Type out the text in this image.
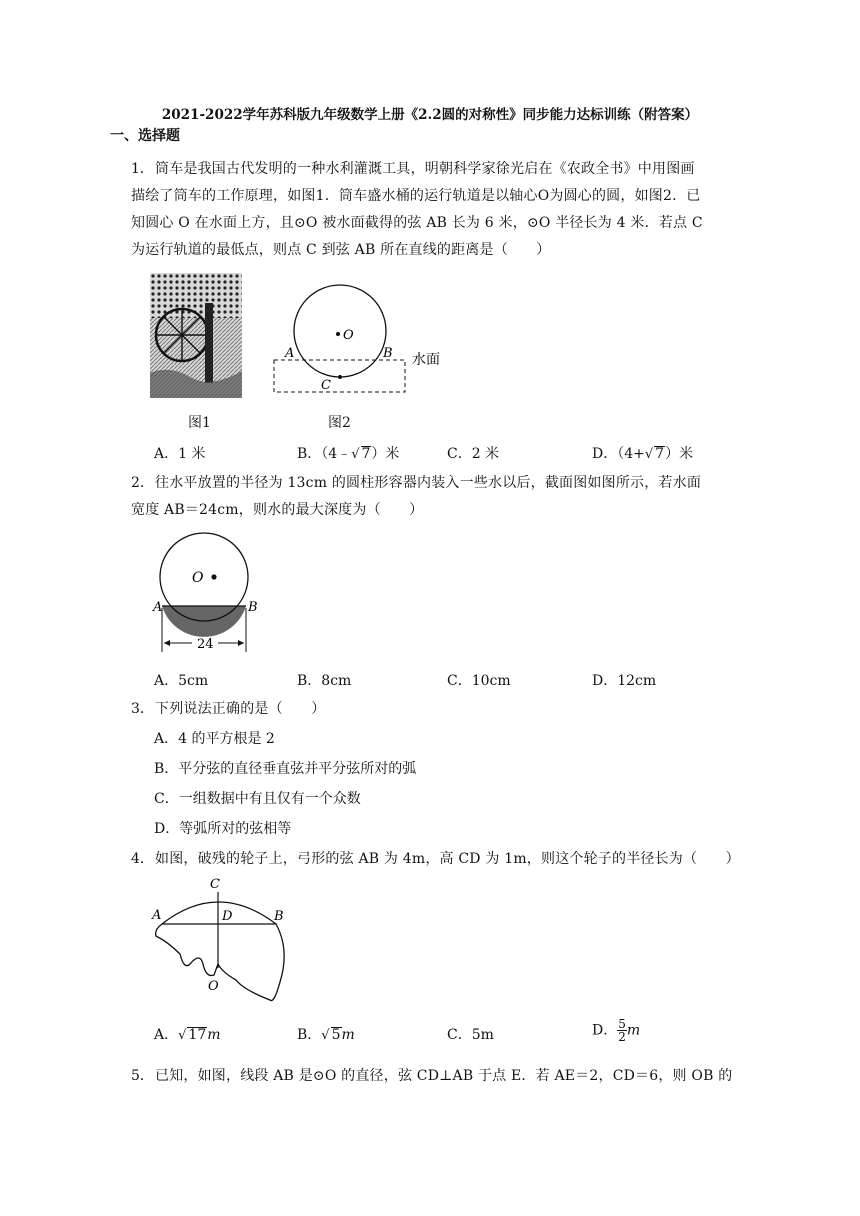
2021-2022学年苏科版九年级数学上册《2.2圆的对称性》同步能力达标训练（附答案）
一、选择题
1． 筒车是我国古代发明的一种水利灌溉工具，明朝科学家徐光启在《农政全书》中用图画
描绘了筒车的工作原理，如图1．筒车盛水桶的运行轨道是以轴心O为圆心的圆，如图2．已
知圆心 O 在水面上方，且⊙O 被水面截得的弦 AB 长为 6 米，⊙O 半径长为 4 米．若点 C
为运行轨道的最低点，则点 C 到弦 AB 所在直线的距离是（　　）
图1
O
A	B
C
水面
图2
A．1 米	B．（4﹣√ 7）米	C．2 米	D．（4+√ 7）米
2． 往水平放置的半径为 13cm 的圆柱形容器内装入一些水以后，截面图如图所示，若水面
宽度 AB＝24cm，则水的最大深度为（　　）
O
A	B
24
A．5cm	B．8cm	C．10cm	D．12cm
3． 下列说法正确的是（　　）
A．4 的平方根是 2
B．平分弦的直径垂直弦并平分弦所对的弧
C．一组数据中有且仅有一个众数
D．等弧所对的弦相等
4． 如图，破残的轮子上，弓形的弦 AB 为 4m，高 CD 为 1m，则这个轮子的半径长为（　　）
C
A	D	B
O
A．√ 17m	B．√ 5m	C．5m	D． $\frac{5}{2}$ m
5． 已知，如图，线段 AB 是⊙O 的直径，弦 CD⊥AB 于点 E．若 AE＝2，CD＝6，则 OB 的
